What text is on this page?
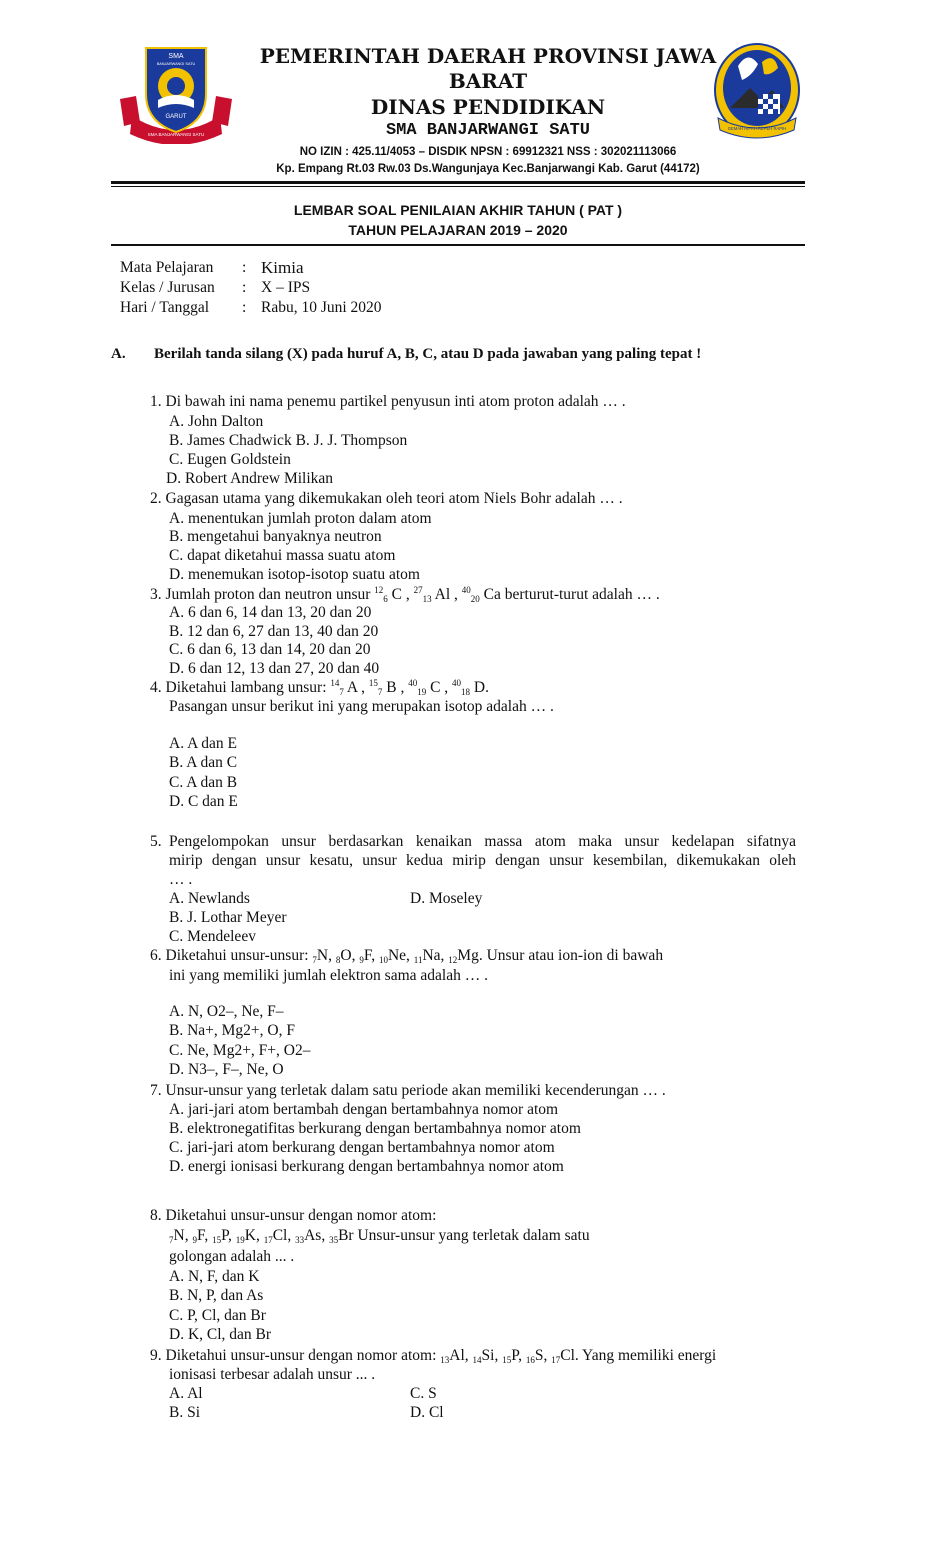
SMA
BANJARWANGI SATU
GARUT
SMA BANJARWANGI SATU
GEMAH RIPAH REPEH RAPIH
PEMERINTAH DAERAH PROVINSI JAWA
BARAT
DINAS PENDIDIKAN
SMA BANJARWANGI SATU
NO IZIN : 425.11/4053 – DISDIK NPSN : 69912321 NSS : 302021113066
Kp. Empang Rt.03 Rw.03 Ds.Wangunjaya Kec.Banjarwangi Kab. Garut (44172)
LEMBAR SOAL PENILAIAN AKHIR TAHUN ( PAT )
TAHUN PELAJARAN 2019 – 2020
Mata Pelajaran : Kimia
Kelas / Jurusan : X – IPS
Hari / Tanggal : Rabu, 10 Juni 2020
A. Berilah tanda silang (X) pada huruf A, B, C, atau D pada jawaban yang paling tepat !
1. Di bawah ini nama penemu partikel penyusun inti atom proton adalah … .
A. John Dalton
B. James Chadwick B. J. J. Thompson
C. Eugen Goldstein
D. Robert Andrew Milikan
2. Gagasan utama yang dikemukakan oleh teori atom Niels Bohr adalah … .
A. menentukan jumlah proton dalam atom
B. mengetahui banyaknya neutron
C. dapat diketahui massa suatu atom
D. menemukan isotop-isotop suatu atom
3. Jumlah proton dan neutron unsur $^{12}_6$ C , $^{27}_{13}$ Al , $^{40}_{20}$ Ca berturut-turut adalah … .
A. 6 dan 6, 14 dan 13, 20 dan 20
B. 12 dan 6, 27 dan 13, 40 dan 20
C. 6 dan 6, 13 dan 14, 20 dan 20
D. 6 dan 12, 13 dan 27, 20 dan 40
4. Diketahui lambang unsur: $^{14}_7$ A , $^{15}_7$ B , $^{40}_{19}$ C , $^{40}_{18}$ D.
Pasangan unsur berikut ini yang merupakan isotop adalah … .
A. A dan E
B. A dan C
C. A dan B
D. C dan E
5. Pengelompokan unsur berdasarkan kenaikan massa atom maka unsur kedelapan sifatnya
mirip dengan unsur kesatu, unsur kedua mirip dengan unsur kesembilan, dikemukakan oleh
… .
A. Newlands	D. Moseley
B. J. Lothar Meyer
C. Mendeleev
6. Diketahui unsur-unsur: $_7$N, $_8$O, $_9$F, $_{10}$Ne, $_{11}$Na, $_{12}$Mg. Unsur atau ion-ion di bawah
ini yang memiliki jumlah elektron sama adalah … .
A. N, O2–, Ne, F–
B. Na+, Mg2+, O, F
C. Ne, Mg2+, F+, O2–
D. N3–, F–, Ne, O
7. Unsur-unsur yang terletak dalam satu periode akan memiliki kecenderungan … .
A. jari-jari atom bertambah dengan bertambahnya nomor atom
B. elektronegatifitas berkurang dengan bertambahnya nomor atom
C. jari-jari atom berkurang dengan bertambahnya nomor atom
D. energi ionisasi berkurang dengan bertambahnya nomor atom
8. Diketahui unsur-unsur dengan nomor atom:
$_7$N, $_9$F, $_{15}$P, $_{19}$K, $_{17}$Cl, $_{33}$As, $_{35}$Br Unsur-unsur yang terletak dalam satu
golongan adalah ... .
A. N, F, dan K
B. N, P, dan As
C. P, Cl, dan Br
D. K, Cl, dan Br
9. Diketahui unsur-unsur dengan nomor atom: $_{13}$Al, $_{14}$Si, $_{15}$P, $_{16}$S, $_{17}$Cl. Yang memiliki energi
ionisasi terbesar adalah unsur ... .
A. Al	C. S
B. Si	D. Cl
